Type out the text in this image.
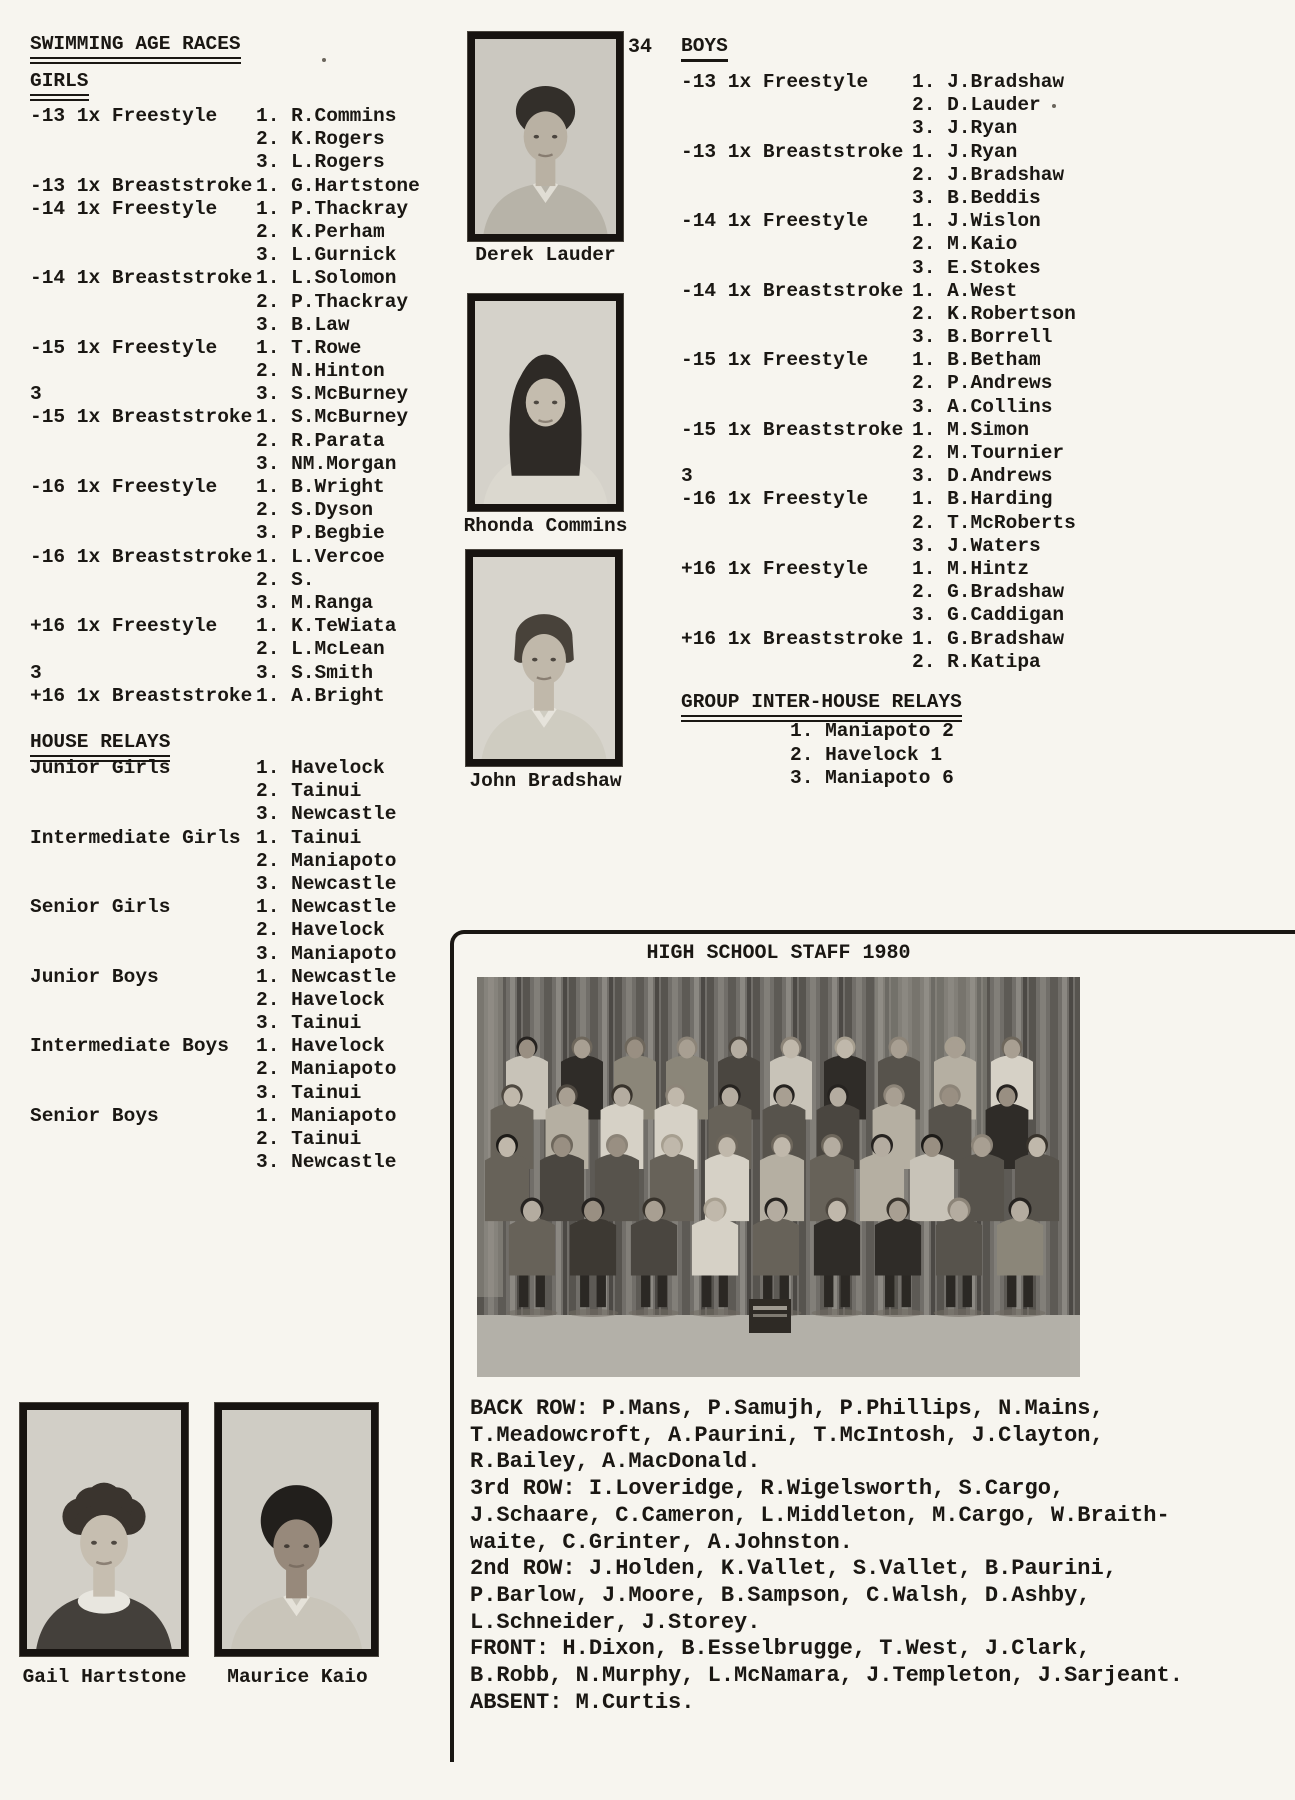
SWIMMING AGE RACES
GIRLS
-13 1x Freestyle 1. R.Commins
2. K.Rogers
3. L.Rogers
-13 1x Breaststroke 1. G.Hartstone
-14 1x Freestyle 1. P.Thackray
2. K.Perham
3. L.Gurnick
-14 1x Breaststroke 1. L.Solomon
2. P.Thackray
3. B.Law
-15 1x Freestyle 1. T.Rowe
2. N.Hinton
3	3. S.McBurney
-15 1x Breaststroke 1. S.McBurney
2. R.Parata
3. NM.Morgan
-16 1x Freestyle 1. B.Wright
2. S.Dyson
3. P.Begbie
-16 1x Breaststroke 1. L.Vercoe
2. S.
3. M.Ranga
+16 1x Freestyle 1. K.TeWiata
2. L.McLean
3	3. S.Smith
+16 1x Breaststroke 1. A.Bright
HOUSE RELAYS
Junior Girls	1. Havelock
2. Tainui
3. Newcastle
Intermediate Girls 1. Tainui
2. Maniapoto
3. Newcastle
Senior Girls	1. Newcastle
2. Havelock
3. Maniapoto
Junior Boys	1. Newcastle
2. Havelock
3. Tainui
Intermediate Boys 1. Havelock
2. Maniapoto
3. Tainui
Senior Boys	1. Maniapoto
2. Tainui
3. Newcastle
Derek Lauder
Rhonda Commins
John Bradshaw
34 BOYS
-13 1x Freestyle 1. J.Bradshaw
2. D.Lauder
3. J.Ryan
-13 1x Breaststroke 1. J.Ryan
2. J.Bradshaw
3. B.Beddis
-14 1x Freestyle 1. J.Wislon
2. M.Kaio
3. E.Stokes
-14 1x Breaststroke 1. A.West
2. K.Robertson
3. B.Borrell
-15 1x Freestyle 1. B.Betham
2. P.Andrews
3. A.Collins
-15 1x Breaststroke 1. M.Simon
2. M.Tournier
3	3. D.Andrews
-16 1x Freestyle 1. B.Harding
2. T.McRoberts
3. J.Waters
+16 1x Freestyle 1. M.Hintz
2. G.Bradshaw
3. G.Caddigan
+16 1x Breaststroke 1. G.Bradshaw
2. R.Katipa
GROUP INTER-HOUSE RELAYS
1. Maniapoto 2
2. Havelock 1
3. Maniapoto 6
HIGH SCHOOL STAFF 1980
BACK ROW: P.Mans, P.Samujh, P.Phillips, N.Mains,
T.Meadowcroft, A.Paurini, T.McIntosh, J.Clayton,
R.Bailey, A.MacDonald.
3rd ROW: I.Loveridge, R.Wigelsworth, S.Cargo,
J.Schaare, C.Cameron, L.Middleton, M.Cargo, W.Braith-
waite, C.Grinter, A.Johnston.
2nd ROW: J.Holden, K.Vallet, S.Vallet, B.Paurini,
P.Barlow, J.Moore, B.Sampson, C.Walsh, D.Ashby,
L.Schneider, J.Storey.
FRONT: H.Dixon, B.Esselbrugge, T.West, J.Clark,
B.Robb, N.Murphy, L.McNamara, J.Templeton, J.Sarjeant.
ABSENT: M.Curtis.
Gail Hartstone	Maurice Kaio
